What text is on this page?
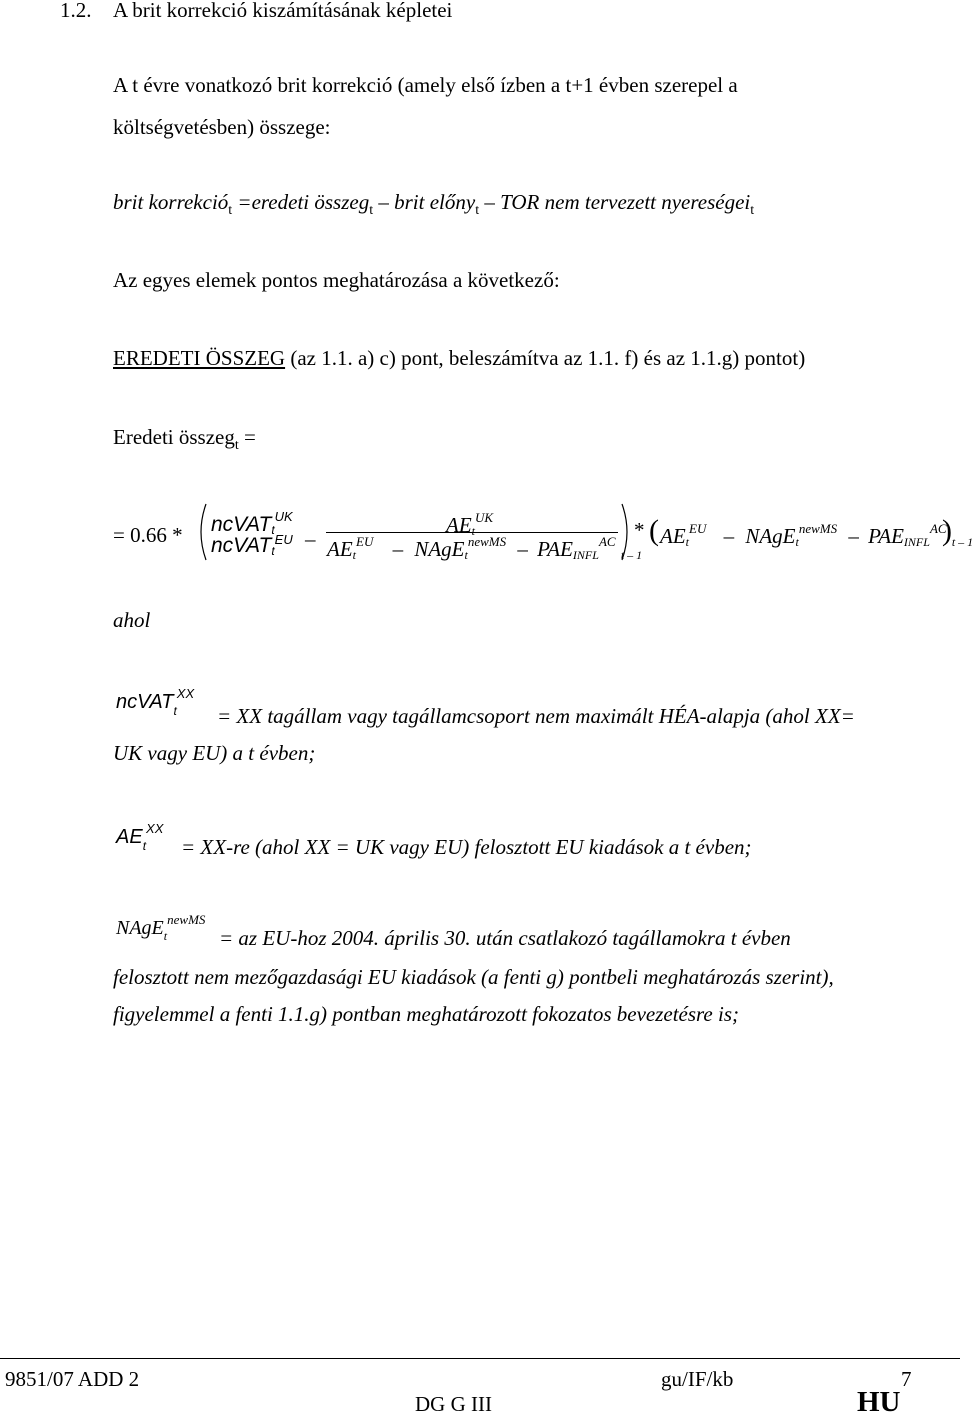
1.2. A brit korrekció kiszámításának képletei
A t évre vonatkozó brit korrekció (amely első ízben a t+1 évben szerepel a
költségvetésben) összege:
brit korrekció$_t$ =eredeti összeg$_t$ – brit előny$_t$ – TOR nem tervezett nyereségei$_t$
Az egyes elemek pontos meghatározása a következő:
EREDETI ÖSSZEG (az 1.1. a) c) pont, beleszámítva az 1.1. f) és az 1.1.g) pontot)
Eredeti összeg$_t$ =
= 0.66 * ncVATt$^{UK}$
ncVATt$^{EU}$ –
AEt$^{UK}$
AEt$^{EU}$ – NAgEt$^{newMS}$ – $PAEINFL^{AC}$ t – 1
* ( AEt$^{EU}$ – NAgEt$^{newMS}$ – $PAEINFL^{AC}$ t – 1
)
ahol
ncVAT$_t^{XX}$
= XX tagállam vagy tagállamcsoport nem maximált HÉA-alapja (ahol XX=
UK vagy EU) a t évben;
$AE_t^{XX}$
= XX-re (ahol XX = UK vagy EU) felosztott EU kiadások a t évben;
NAgE$_t^{newMS}$
= az EU-hoz 2004. április 30. után csatlakozó tagállamokra t évben
felosztott nem mezőgazdasági EU kiadások (a fenti g) pontbeli meghatározás szerint),
figyelemmel a fenti 1.1.g) pontban meghatározott fokozatos bevezetésre is;
9851/07 ADD 2	gu/IF/kb	7
DG G III	HU
